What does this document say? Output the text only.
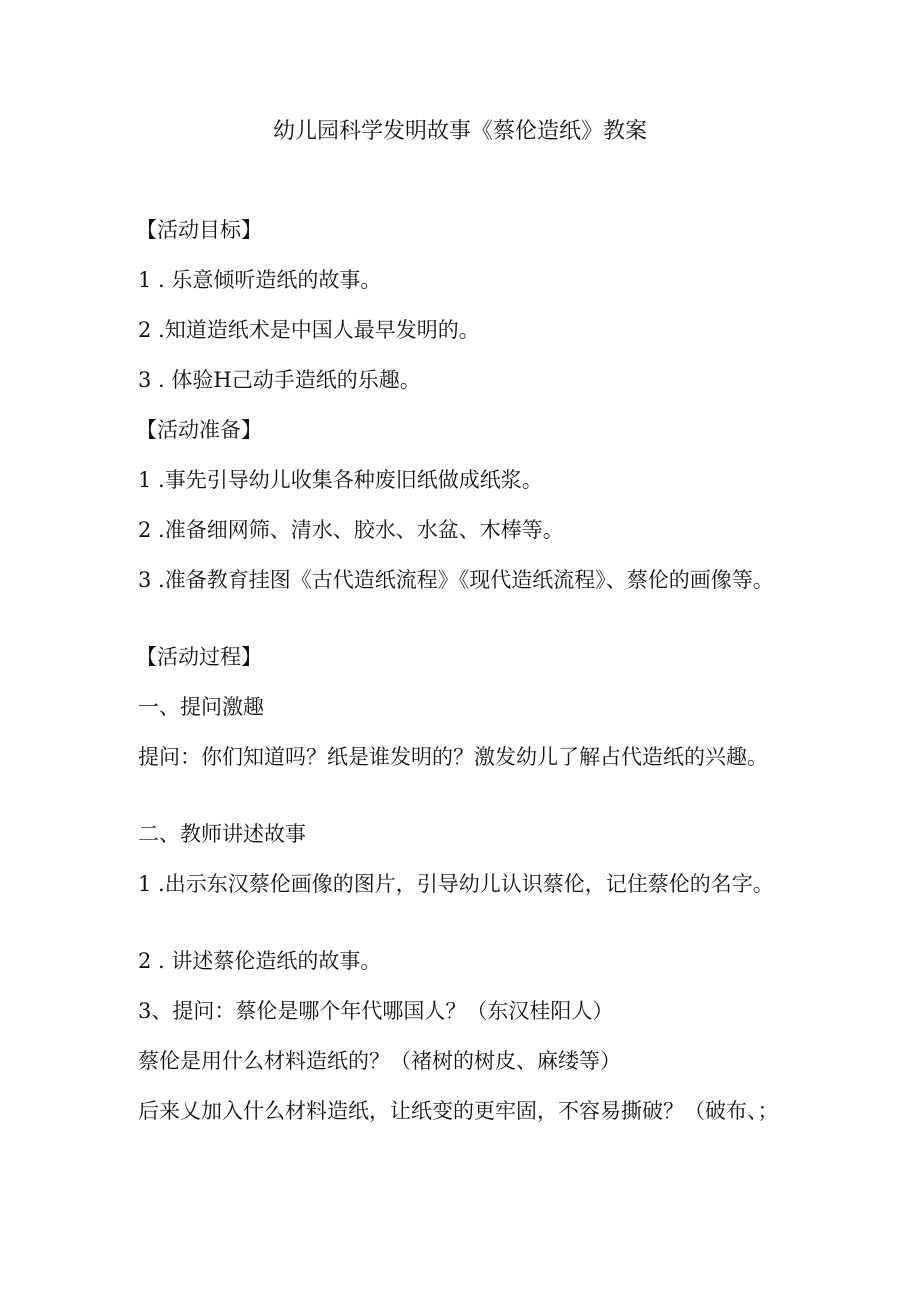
幼儿园科学发明故事《蔡伦造纸》教案
【活动目标】
1 . 乐意倾听造纸的故事。
2 .知道造纸术是中国人最早发明的。
3 . 体验H己动手造纸的乐趣。
【活动准备】
1 .事先引导幼儿收集各种废旧纸做成纸浆。
2 .准备细网筛、清水、胶水、水盆、木棒等。
3 .准备教育挂图《古代造纸流程》《现代造纸流程》、蔡伦的画像等。
【活动过程】
一、提问激趣
提问：你们知道吗？纸是谁发明的？激发幼儿了解占代造纸的兴趣。
二、教师讲述故事
1 .出示东汉蔡伦画像的图片，引导幼儿认识蔡伦，记住蔡伦的名字。
2 . 讲述蔡伦造纸的故事。
3、提问：蔡伦是哪个年代哪国人？（东汉桂阳人）
蔡伦是用什么材料造纸的？（褚树的树皮、麻缕等）
后来乂加入什么材料造纸，让纸变的更牢固，不容易撕破？（破布、；
